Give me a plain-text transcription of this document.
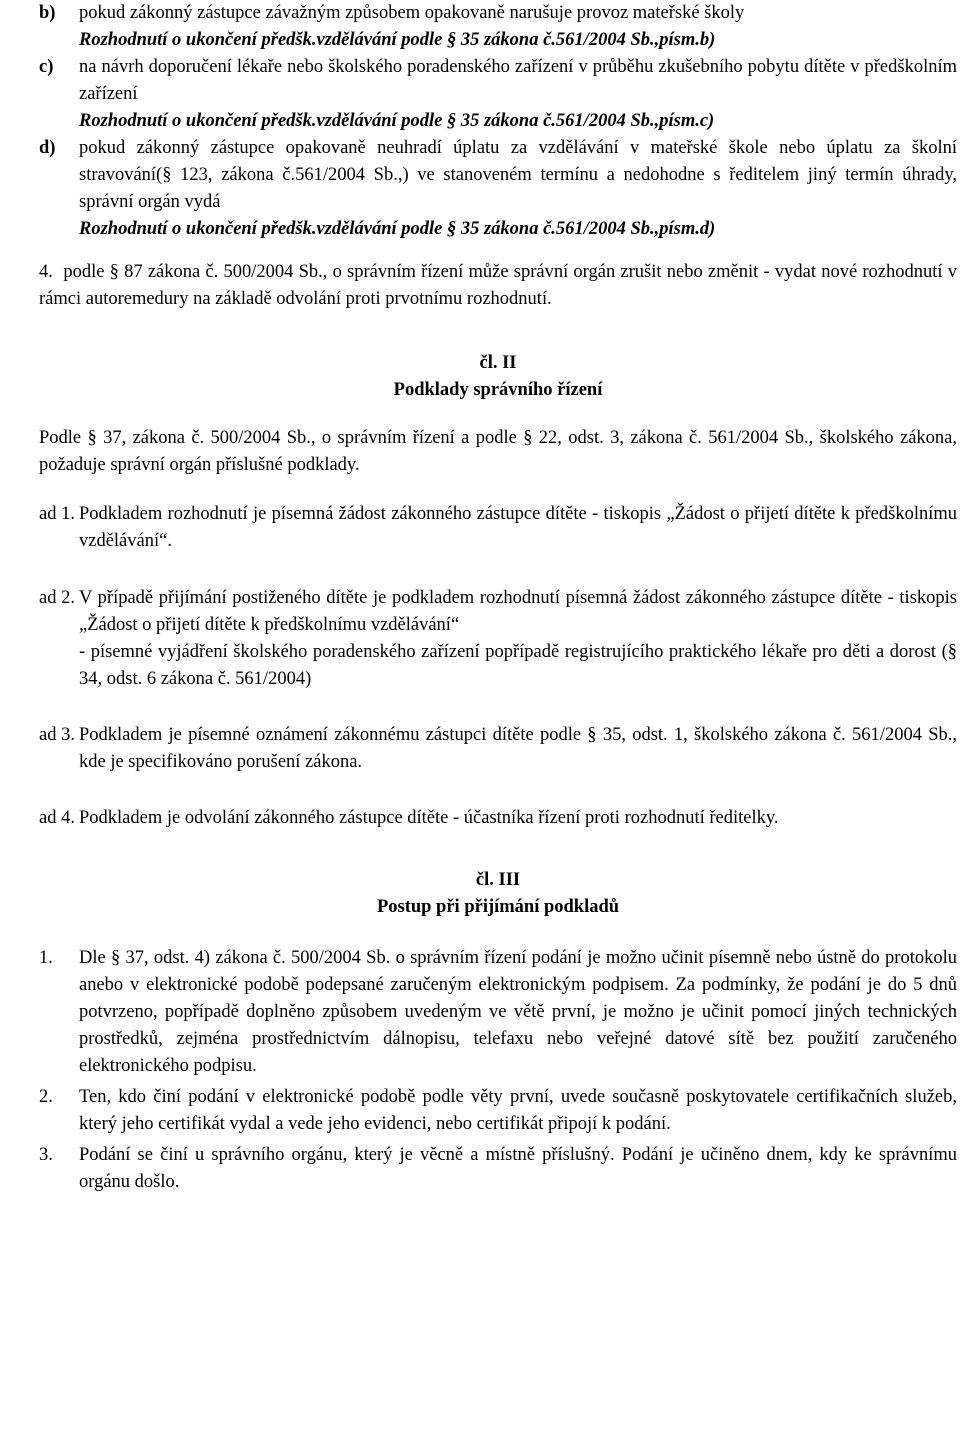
b) pokud zákonný zástupce závažným způsobem opakovaně narušuje provoz mateřské školy

Rozhodnutí o ukončení předšk.vzdělávání podle § 35 zákona č.561/2004 Sb.,písm.b)

c) na návrh doporučení lékaře nebo školského poradenského zařízení v průběhu zkušebního pobytu dítěte v předškolním zařízení

Rozhodnutí o ukončení předšk.vzdělávání podle § 35 zákona č.561/2004 Sb.,písm.c)

d) pokud zákonný zástupce opakovaně neuhradí úplatu za vzdělávání v mateřské škole nebo úplatu za školní stravování(§ 123, zákona č.561/2004 Sb.,) ve stanoveném termínu a nedohodne s ředitelem jiný termín úhrady, správní orgán vydá

Rozhodnutí o ukončení předšk.vzdělávání podle § 35 zákona č.561/2004 Sb.,písm.d)

4. podle § 87 zákona č. 500/2004 Sb., o správním řízení může správní orgán zrušit nebo změnit - vydat nové rozhodnutí v rámci autoremedury na základě odvolání proti prvotnímu rozhodnutí.

čl. II

Podklady správního řízení

Podle § 37, zákona č. 500/2004 Sb., o správním řízení a podle § 22, odst. 3, zákona č. 561/2004 Sb., školského zákona, požaduje správní orgán příslušné podklady.

ad 1. Podkladem rozhodnutí je písemná žádost zákonného zástupce dítěte - tiskopis „Žádost o přijetí dítěte k předškolnímu vzdělávání“.

ad 2. V případě přijímání postiženého dítěte je podkladem rozhodnutí písemná žádost zákonného zástupce dítěte - tiskopis „Žádost o přijetí dítěte k předškolnímu vzdělávání“

- písemné vyjádření školského poradenského zařízení popřípadě registrujícího praktického lékaře pro děti a dorost (§ 34, odst. 6 zákona č. 561/2004)

ad 3. Podkladem je písemné oznámení zákonnému zástupci dítěte podle § 35, odst. 1, školského zákona č. 561/2004 Sb., kde je specifikováno porušení zákona.

ad 4. Podkladem je odvolání zákonného zástupce dítěte - účastníka řízení proti rozhodnutí ředitelky.

čl. III

Postup při přijímání podkladů

1. Dle § 37, odst. 4) zákona č. 500/2004 Sb. o správním řízení podání je možno učinit písemně nebo ústně do protokolu anebo v elektronické podobě podepsané zaručeným elektronickým podpisem. Za podmínky, že podání je do 5 dnů potvrzeno, popřípadě doplněno způsobem uvedeným ve větě první, je možno je učinit pomocí jiných technických prostředků, zejména prostřednictvím dálnopisu, telefaxu nebo veřejné datové sítě bez použití zaručeného elektronického podpisu.

2. Ten, kdo činí podání v elektronické podobě podle věty první, uvede současně poskytovatele certifikačních služeb, který jeho certifikát vydal a vede jeho evidenci, nebo certifikát připojí k podání.

3. Podání se činí u správního orgánu, který je věcně a místně příslušný. Podání je učiněno dnem, kdy ke správnímu orgánu došlo.
